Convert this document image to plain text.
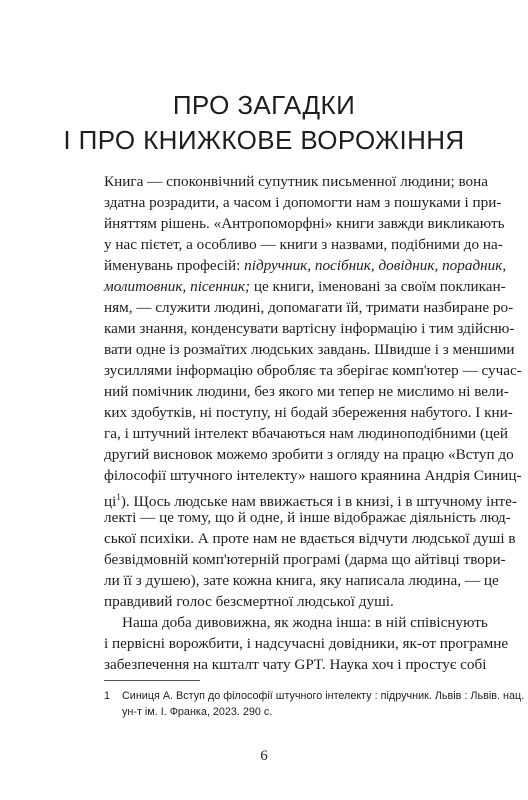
ПРО ЗАГАДКИ
І ПРО КНИЖКОВЕ ВОРОЖІННЯ
Книга — споконвічний супутник письменної людини; вона
здатна розрадити, а часом і допомогти нам з пошуками і при-
йняттям рішень. «Антропоморфні» книги завжди викликають
у нас пієтет, а особливо — книги з назвами, подібними до на-
йменувань професій: підручник, посібник, довідник, порадник,
молитовник, пісенник; це книги, іменовані за своїм покликан-
ням, — служити людині, допомагати їй, тримати назбиране ро-
ками знання, конденсувати вартісну інформацію і тим здійсню-
вати одне із розмаїтих людських завдань. Швидше і з меншими
зусиллями інформацію обробляє та зберігає комп'ютер — сучас-
ний помічник людини, без якого ми тепер не мислимо ні вели-
ких здобутків, ні поступу, ні бодай збереження набутого. І кни-
га, і штучний інтелект вбачаються нам людиноподібними (цей
другий висновок можемо зробити з огляду на працю «Вступ до
філософії штучного інтелекту» нашого краянина Андрія Синиц-
$ці^1$). Щось людське нам ввижається і в книзі, і в штучному інте-
лекті — це тому, що й одне, й інше відображає діяльність люд-
ської психіки. А проте нам не вдається відчути людської душі в
безвідмовній комп'ютерній програмі (дарма що айтівці твори-
ли її з душею), зате кожна книга, яку написала людина, — це
правдивий голос безсмертної людської душі.
Наша доба дивовижна, як жодна інша: в ній співіснують
і первісні ворожбити, і надсучасні довідники, як-от програмне
забезпечення на кшталт чату GPT. Наука хоч і простує собі
1 Синиця А. Вступ до філософії штучного інтелекту : підручник. Львів : Львів. нац.
ун-т ім. І. Франка, 2023. 290 с.
6
